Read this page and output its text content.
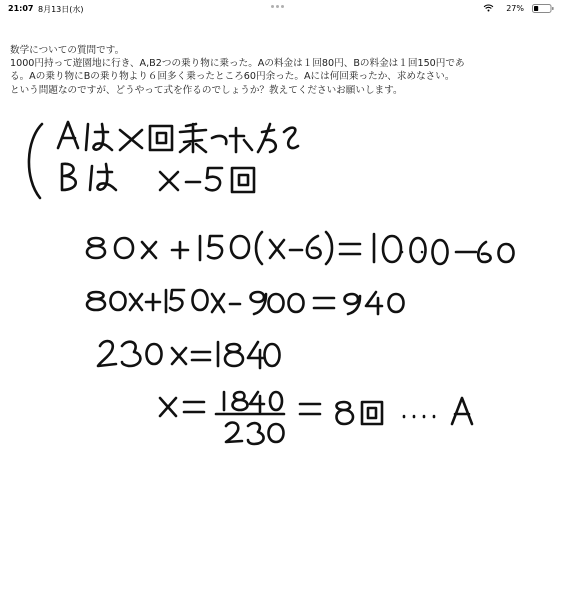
21:07 8月13日(水)	27%

数学についての質問です。

1000円持って遊園地に行き、A,B2つの乗り物に乗った。Aの料金は１回80円、Bの料金は１回150円であ

る。Aの乗り物にBの乗り物より６回多く乗ったところ60円余った。Aには何回乗ったか、求めなさい。

という問題なのですが、どうやって式を作るのでしょうか？教えてくださいお願いします。
